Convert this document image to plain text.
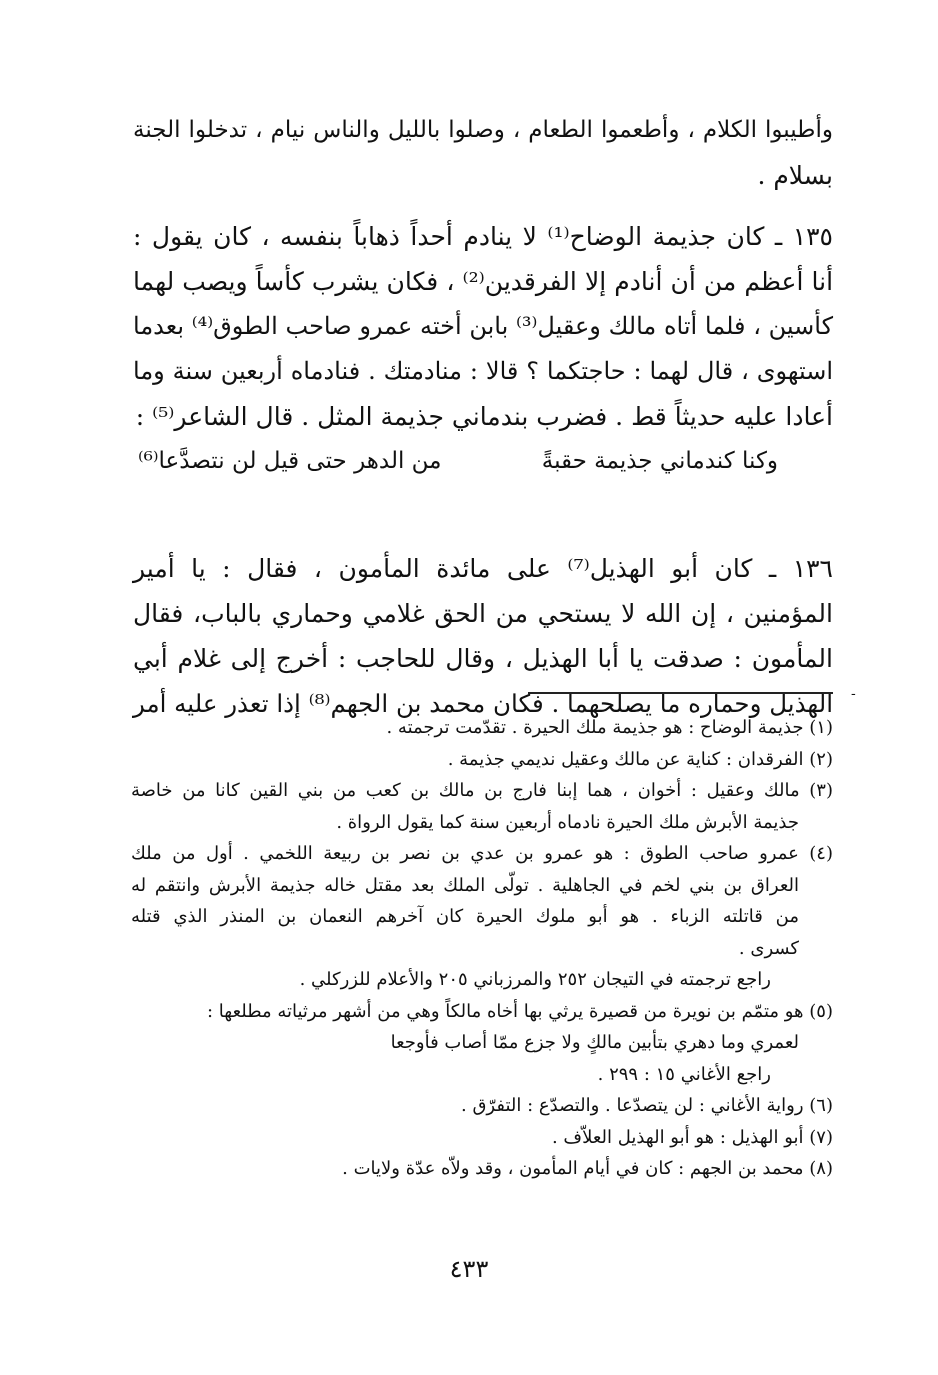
وأطيبوا الكلام ، وأطعموا الطعام ، وصلوا بالليل والناس نيام ، تدخلوا الجنة
بسلام .
١٣٥ ـ كان جذيمة الوضاح⁽¹⁾ لا ينادم أحداً ذهاباً بنفسه ، كان يقول :
أنا أعظم من أن أنادم إلا الفرقدين⁽²⁾ ، فكان يشرب كأساً ويصب لهما
كأسين ، فلما أتاه مالك وعقيل⁽³⁾ بابن أخته عمرو صاحب الطوق⁽⁴⁾ بعدما
استهوى ، قال لهما : حاجتكما ؟ قالا : منادمتك . فنادماه أربعين سنة وما
أعادا عليه حديثاً قط . فضرب بندماني جذيمة المثل . قال الشاعر⁽⁵⁾ :
١٣٦ ـ كان أبو الهذيل⁽⁷⁾ على مائدة المأمون ، فقال : يا أمير
المؤمنين ، إن الله لا يستحي من الحق غلامي وحماري بالباب، فقال
المأمون : صدقت يا أبا الهذيل ، وقال للحاجب : أخرج إلى غلام أبي
الهذيل وحماره ما يصلحهما . فكان محمد بن الجهم⁽⁸⁾ إذا تعذر عليه أمر
وكنا كندماني جذيمة حقبةً
من الدهر حتى قيل لن نتصدَّعا⁽⁶⁾
-
(١) جذيمة الوضاح : هو جذيمة ملك الحيرة . تقدّمت ترجمته .
(٢) الفرقدان : كناية عن مالك وعقيل نديمي جذيمة .
(٣) مالك وعقيل : أخوان ، هما إبنا فارج بن مالك بن كعب من بني القين كانا من خاصة
جذيمة الأبرش ملك الحيرة نادماه أربعين سنة كما يقول الرواة .
(٤) عمرو صاحب الطوق : هو عمرو بن عدي بن نصر بن ربيعة اللخمي . أول من ملك
العراق بن بني لخم في الجاهلية . تولّى الملك بعد مقتل خاله جذيمة الأبرش وانتقم له
من قاتلته الزباء . هو أبو ملوك الحيرة كان آخرهم النعمان بن المنذر الذي قتله
كسرى .
راجع ترجمته في التيجان ٢٥٢ والمرزباني ٢٠٥ والأعلام للزركلي .
(٥) هو متمّم بن نويرة من قصيرة يرثي بها أخاه مالكاً وهي من أشهر مرثياته مطلعها :
لعمري وما دهري بتأبين مالكٍ ولا جزع ممّا أصاب فأوجعا
راجع الأغاني ١٥ : ٢٩٩ .
(٦) رواية الأغاني : لن يتصدّعا . والتصدّع : التفرّق .
(٧) أبو الهذيل : هو أبو الهذيل العلاّف .
(٨) محمد بن الجهم : كان في أيام المأمون ، وقد ولاّه عدّة ولايات .
٤٣٣
